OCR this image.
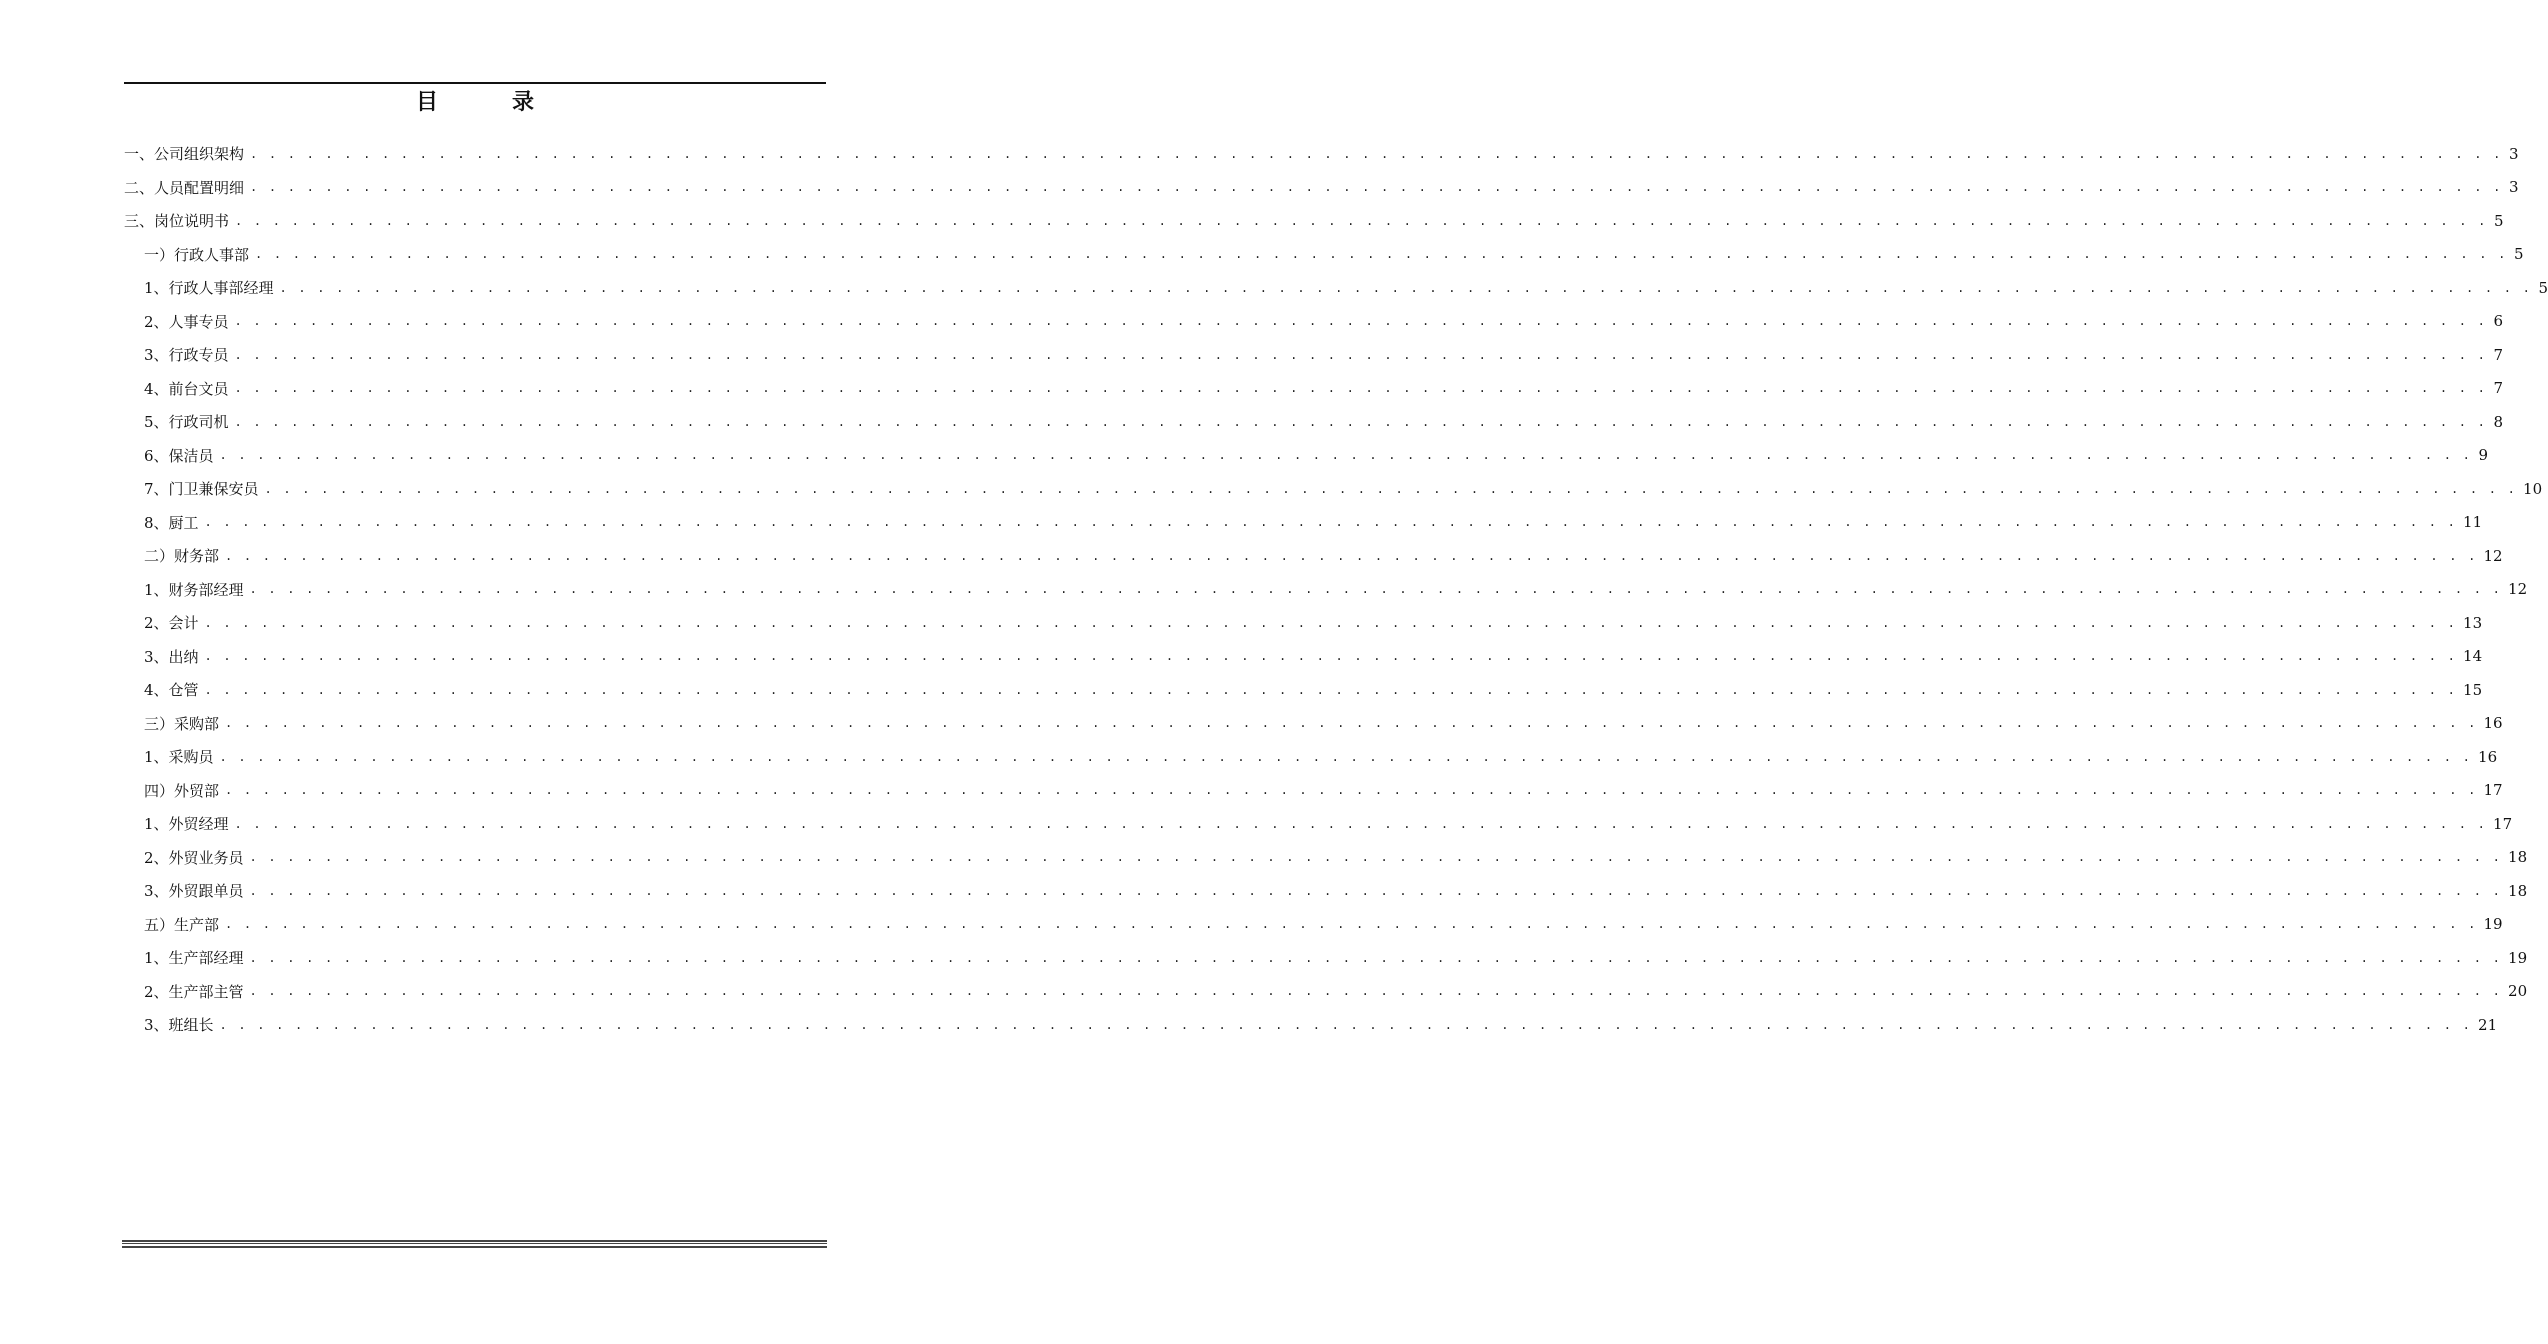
目　录
一、公司组织架构 . . . . . . . . . . . . . . . . . . . . . . . . . . . . . . . . . . . . . . . . . . . . . . . . . . . . . . . . . . . . . . . . . . . . . . . . . . . . . . . . . . . . . . . . . . . . . . . . . . . . . . . . . . . . . . . . . . . . . . . . 3
二、人员配置明细 . . . . . . . . . . . . . . . . . . . . . . . . . . . . . . . . . . . . . . . . . . . . . . . . . . . . . . . . . . . . . . . . . . . . . . . . . . . . . . . . . . . . . . . . . . . . . . . . . . . . . . . . . . . . . . . . . . . . . . . . 3
三、岗位说明书 . . . . . . . . . . . . . . . . . . . . . . . . . . . . . . . . . . . . . . . . . . . . . . . . . . . . . . . . . . . . . . . . . . . . . . . . . . . . . . . . . . . . . . . . . . . . . . . . . . . . . . . . . . . . . . . . . . . . . . . . 5
一）行政人事部 . . . . . . . . . . . . . . . . . . . . . . . . . . . . . . . . . . . . . . . . . . . . . . . . . . . . . . . . . . . . . . . . . . . . . . . . . . . . . . . . . . . . . . . . . . . . . . . . . . . . . . . . . . . . . . . . . . . . . . . . 5
1、行政人事部经理 . . . . . . . . . . . . . . . . . . . . . . . . . . . . . . . . . . . . . . . . . . . . . . . . . . . . . . . . . . . . . . . . . . . . . . . . . . . . . . . . . . . . . . . . . . . . . . . . . . . . . . . . . . . . . . . . . . . . . . . . 5
2、人事专员 . . . . . . . . . . . . . . . . . . . . . . . . . . . . . . . . . . . . . . . . . . . . . . . . . . . . . . . . . . . . . . . . . . . . . . . . . . . . . . . . . . . . . . . . . . . . . . . . . . . . . . . . . . . . . . . . . . . . . . . . 6
3、行政专员 . . . . . . . . . . . . . . . . . . . . . . . . . . . . . . . . . . . . . . . . . . . . . . . . . . . . . . . . . . . . . . . . . . . . . . . . . . . . . . . . . . . . . . . . . . . . . . . . . . . . . . . . . . . . . . . . . . . . . . . . 7
4、前台文员 . . . . . . . . . . . . . . . . . . . . . . . . . . . . . . . . . . . . . . . . . . . . . . . . . . . . . . . . . . . . . . . . . . . . . . . . . . . . . . . . . . . . . . . . . . . . . . . . . . . . . . . . . . . . . . . . . . . . . . . . 7
5、行政司机 . . . . . . . . . . . . . . . . . . . . . . . . . . . . . . . . . . . . . . . . . . . . . . . . . . . . . . . . . . . . . . . . . . . . . . . . . . . . . . . . . . . . . . . . . . . . . . . . . . . . . . . . . . . . . . . . . . . . . . . . 8
6、保洁员 . . . . . . . . . . . . . . . . . . . . . . . . . . . . . . . . . . . . . . . . . . . . . . . . . . . . . . . . . . . . . . . . . . . . . . . . . . . . . . . . . . . . . . . . . . . . . . . . . . . . . . . . . . . . . . . . . . . . . . . . 9
7、门卫兼保安员 . . . . . . . . . . . . . . . . . . . . . . . . . . . . . . . . . . . . . . . . . . . . . . . . . . . . . . . . . . . . . . . . . . . . . . . . . . . . . . . . . . . . . . . . . . . . . . . . . . . . . . . . . . . . . . . . . . . . . . . . 10
8、厨工 . . . . . . . . . . . . . . . . . . . . . . . . . . . . . . . . . . . . . . . . . . . . . . . . . . . . . . . . . . . . . . . . . . . . . . . . . . . . . . . . . . . . . . . . . . . . . . . . . . . . . . . . . . . . . . . . . . . . . . . . 11
二）财务部 . . . . . . . . . . . . . . . . . . . . . . . . . . . . . . . . . . . . . . . . . . . . . . . . . . . . . . . . . . . . . . . . . . . . . . . . . . . . . . . . . . . . . . . . . . . . . . . . . . . . . . . . . . . . . . . . . . . . . . . . 12
1、财务部经理 . . . . . . . . . . . . . . . . . . . . . . . . . . . . . . . . . . . . . . . . . . . . . . . . . . . . . . . . . . . . . . . . . . . . . . . . . . . . . . . . . . . . . . . . . . . . . . . . . . . . . . . . . . . . . . . . . . . . . . . . 12
2、会计 . . . . . . . . . . . . . . . . . . . . . . . . . . . . . . . . . . . . . . . . . . . . . . . . . . . . . . . . . . . . . . . . . . . . . . . . . . . . . . . . . . . . . . . . . . . . . . . . . . . . . . . . . . . . . . . . . . . . . . . . 13
3、出纳 . . . . . . . . . . . . . . . . . . . . . . . . . . . . . . . . . . . . . . . . . . . . . . . . . . . . . . . . . . . . . . . . . . . . . . . . . . . . . . . . . . . . . . . . . . . . . . . . . . . . . . . . . . . . . . . . . . . . . . . . 14
4、仓管 . . . . . . . . . . . . . . . . . . . . . . . . . . . . . . . . . . . . . . . . . . . . . . . . . . . . . . . . . . . . . . . . . . . . . . . . . . . . . . . . . . . . . . . . . . . . . . . . . . . . . . . . . . . . . . . . . . . . . . . . 15
三）采购部 . . . . . . . . . . . . . . . . . . . . . . . . . . . . . . . . . . . . . . . . . . . . . . . . . . . . . . . . . . . . . . . . . . . . . . . . . . . . . . . . . . . . . . . . . . . . . . . . . . . . . . . . . . . . . . . . . . . . . . . . 16
1、采购员 . . . . . . . . . . . . . . . . . . . . . . . . . . . . . . . . . . . . . . . . . . . . . . . . . . . . . . . . . . . . . . . . . . . . . . . . . . . . . . . . . . . . . . . . . . . . . . . . . . . . . . . . . . . . . . . . . . . . . . . . 16
四）外贸部 . . . . . . . . . . . . . . . . . . . . . . . . . . . . . . . . . . . . . . . . . . . . . . . . . . . . . . . . . . . . . . . . . . . . . . . . . . . . . . . . . . . . . . . . . . . . . . . . . . . . . . . . . . . . . . . . . . . . . . . . 17
1、外贸经理 . . . . . . . . . . . . . . . . . . . . . . . . . . . . . . . . . . . . . . . . . . . . . . . . . . . . . . . . . . . . . . . . . . . . . . . . . . . . . . . . . . . . . . . . . . . . . . . . . . . . . . . . . . . . . . . . . . . . . . . . 17
2、外贸业务员 . . . . . . . . . . . . . . . . . . . . . . . . . . . . . . . . . . . . . . . . . . . . . . . . . . . . . . . . . . . . . . . . . . . . . . . . . . . . . . . . . . . . . . . . . . . . . . . . . . . . . . . . . . . . . . . . . . . . . . . . 18
3、外贸跟单员 . . . . . . . . . . . . . . . . . . . . . . . . . . . . . . . . . . . . . . . . . . . . . . . . . . . . . . . . . . . . . . . . . . . . . . . . . . . . . . . . . . . . . . . . . . . . . . . . . . . . . . . . . . . . . . . . . . . . . . . . 18
五）生产部 . . . . . . . . . . . . . . . . . . . . . . . . . . . . . . . . . . . . . . . . . . . . . . . . . . . . . . . . . . . . . . . . . . . . . . . . . . . . . . . . . . . . . . . . . . . . . . . . . . . . . . . . . . . . . . . . . . . . . . . . 19
1、生产部经理 . . . . . . . . . . . . . . . . . . . . . . . . . . . . . . . . . . . . . . . . . . . . . . . . . . . . . . . . . . . . . . . . . . . . . . . . . . . . . . . . . . . . . . . . . . . . . . . . . . . . . . . . . . . . . . . . . . . . . . . . 19
2、生产部主管 . . . . . . . . . . . . . . . . . . . . . . . . . . . . . . . . . . . . . . . . . . . . . . . . . . . . . . . . . . . . . . . . . . . . . . . . . . . . . . . . . . . . . . . . . . . . . . . . . . . . . . . . . . . . . . . . . . . . . . . . 20
3、班组长 . . . . . . . . . . . . . . . . . . . . . . . . . . . . . . . . . . . . . . . . . . . . . . . . . . . . . . . . . . . . . . . . . . . . . . . . . . . . . . . . . . . . . . . . . . . . . . . . . . . . . . . . . . . . . . . . . . . . . . . . 21
